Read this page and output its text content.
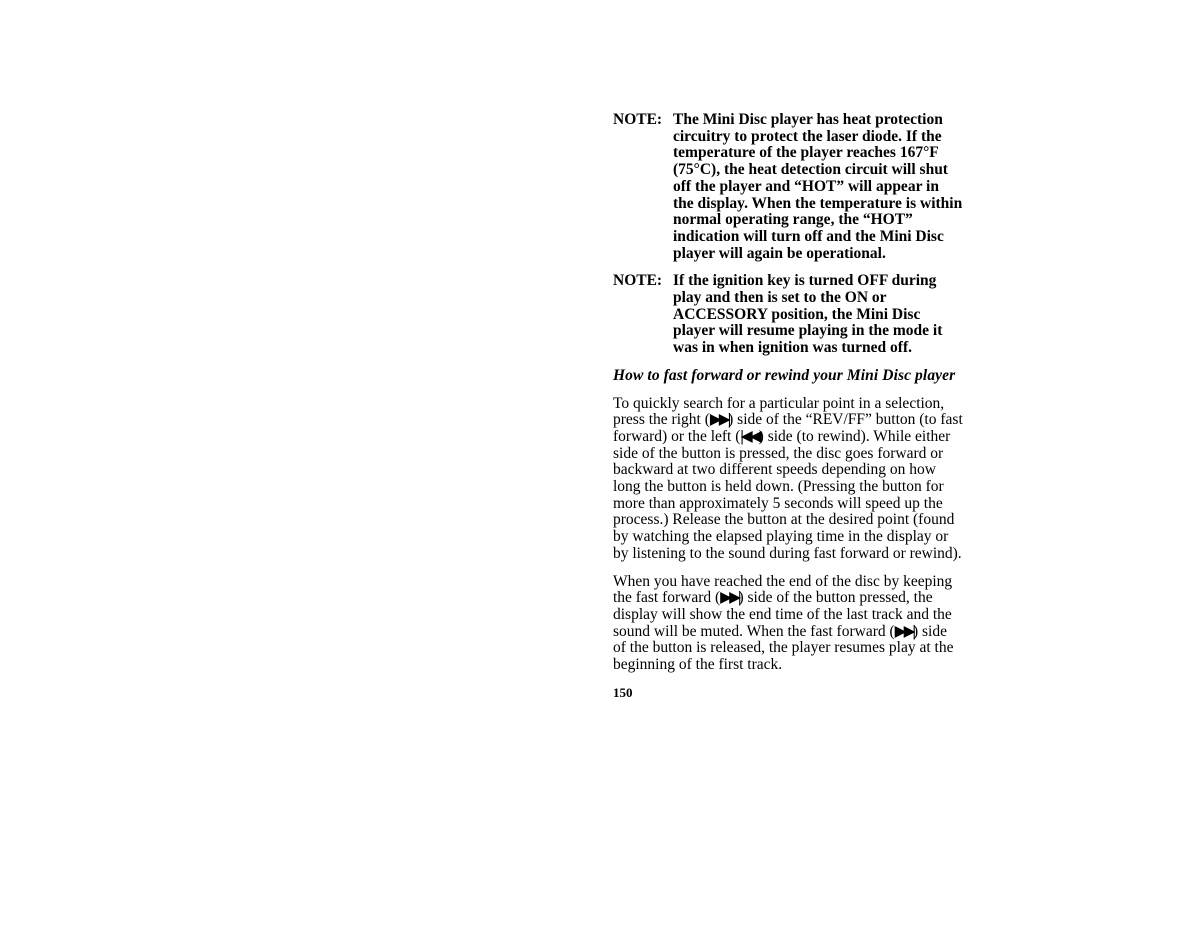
NOTE: The Mini Disc player has heat protection circuitry to protect the laser diode. If the temperature of the player reaches 167°F (75°C), the heat detection circuit will shut off the player and “HOT” will appear in the display. When the temperature is within normal operating range, the “HOT” indication will turn off and the Mini Disc player will again be operational.
NOTE: If the ignition key is turned OFF during play and then is set to the ON or ACCESSORY position, the Mini Disc player will resume playing in the mode it was in when ignition was turned off.
How to fast forward or rewind your Mini Disc player

To quickly search for a particular point in a selection, press the right (▶▶|) side of the “REV/FF” button (to fast forward) or the left (|◀◀) side (to rewind). While either side of the button is pressed, the disc goes forward or backward at two different speeds depending on how long the button is held down. (Pressing the button for more than approximately 5 seconds will speed up the process.) Release the button at the desired point (found by watching the elapsed playing time in the display or by listening to the sound during fast forward or rewind).

When you have reached the end of the disc by keeping the fast forward (▶▶|) side of the button pressed, the display will show the end time of the last track and the sound will be muted. When the fast forward (▶▶|) side of the button is released, the player resumes play at the beginning of the first track.

150
